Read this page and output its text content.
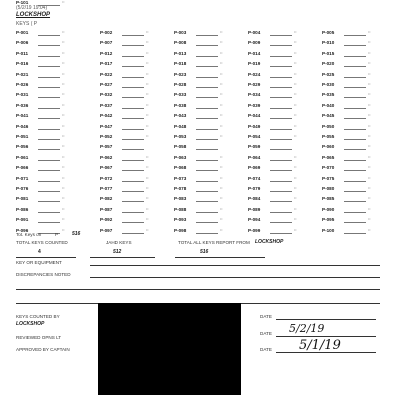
(5/2/19 19:04)
LOCKSHOP
KEYS ( P
P-001	••	P-002	••	P-003	••	P-004	••	P-005	••
P-006	••	P-007	••	P-008	••	P-009	••	P-010	••
P-011	••	P-012	••	P-013	••	P-014	••	P-015	••
P-016	••	P-017	••	P-018	••	P-019	••	P-020	••
P-021	••	P-022	••	P-023	••	P-024	••	P-025	••
P-026	••	P-027	••	P-028	••	P-029	••	P-030	••
P-031	••	P-032	••	P-033	••	P-034	••	P-035	••
P-036	••	P-037	••	P-038	••	P-039	••	P-040	••
P-041	••	P-042	••	P-043	••	P-044	••	P-045	••
P-046	••	P-047	••	P-048	••	P-049	••	P-050	••
P-051	••	P-052	••	P-053	••	P-054	••	P-055	••
P-056	••	P-057	P-058	P-059	P-060	••
P-061	••	P-062	••	P-063	••	P-064	••	P-065	••
P-066	••	P-067	••	P-068	••	P-069	••	P-070	••
P-071	••	P-072	••	P-073	••	P-074	••	P-075	••
P-076	••	P-077	••	P-078	••	P-079	••	P-080	••
P-081	••	P-082	••	P-083	••	P-084	••	P-085	••
P-086	••	P-087	••	P-088	••	P-089	••	P-090	••
P-091	••	P-092	••	P-093	••	P-094	••	P-095	••
P-096	••	P-097	••	P-098	••	P-099	••	P-100	••
P-101	••
Tot. Keys on	P	516
TOTAL KEYS COUNTED	JAHD KEYS	TOTAL ALL KEYS REPORT FROM LOCKSHOP
4	512	516
KEY OR EQUIPMENT
DISCREPANCIES NOTED
KEYS COUNTED BY
LOCKSHOP
REVIEWED OPNS LT
APPROVED BY CAPTAIN
DATE
DATE 5/2/19
5/1/19
DATE
